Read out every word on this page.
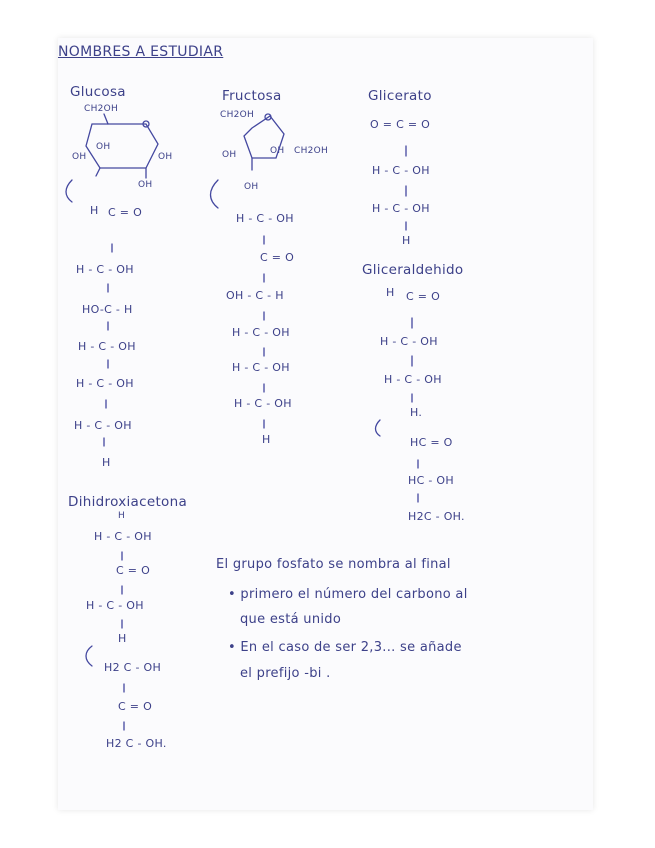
NOMBRES A ESTUDIAR
Glucosa
CH2OH
OH
OH
OH
OH
H C = O
H - C - OH
HO-C - H
H - C - OH
H - C - OH
H - C - OH
H
Fructosa
CH2OH
OH	OH CH2OH
OH
H - C - OH
C = O
OH - C - H
H - C - OH
H - C - OH
H - C - OH
H
Glicerato
O = C = O
H - C - OH
H - C - OH
H
Gliceraldehido
H C = O
H - C - OH
H - C - OH
H.
HC = O
HC - OH
H2C - OH.
Dihidroxiacetona
H
H - C - OH
C = O
H - C - OH
H
H2 C - OH
C = O
H2 C - OH.
El grupo fosfato se nombra al final
• primero el número del carbono al
que está unido
• En el caso de ser 2,3... se añade
el prefijo -bi .
